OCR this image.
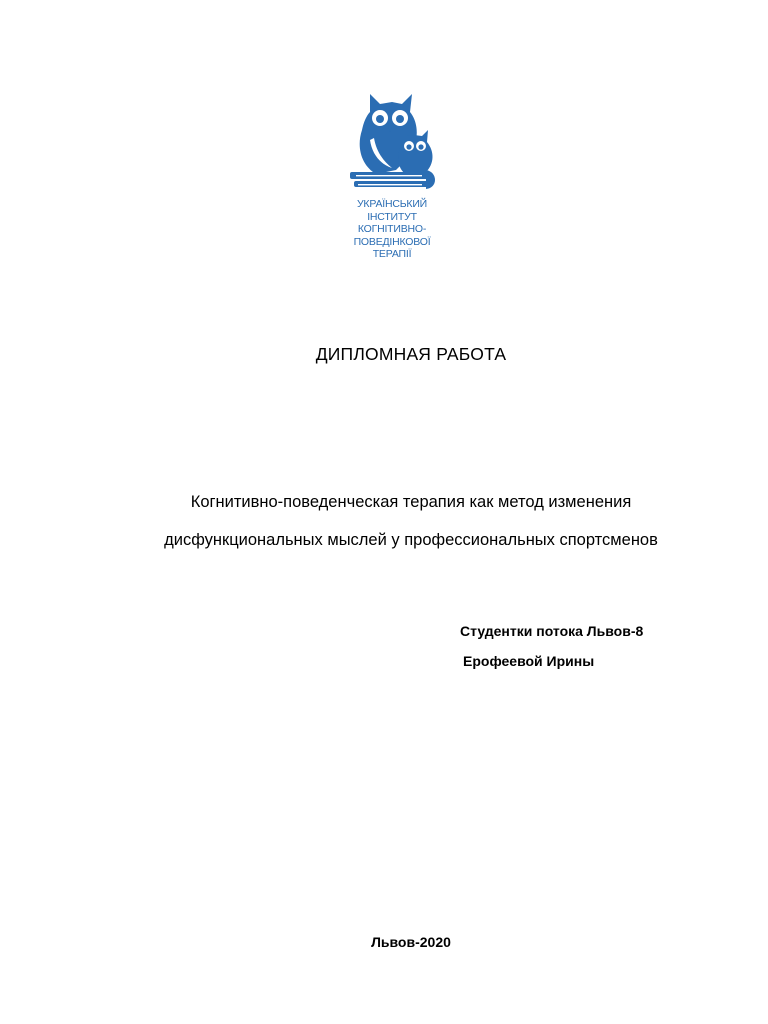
УКРАЇНСЬКИЙ
ІНСТИТУТ
КОГНІТИВНО-
ПОВЕДІНКОВОЇ
ТЕРАПІЇ
ДИПЛОМНАЯ РАБОТА
Когнитивно-поведенческая терапия как метод изменения
дисфункциональных мыслей у профессиональных спортсменов
Студентки потока Львов-8
Ерофеевой Ирины
Львов-2020
